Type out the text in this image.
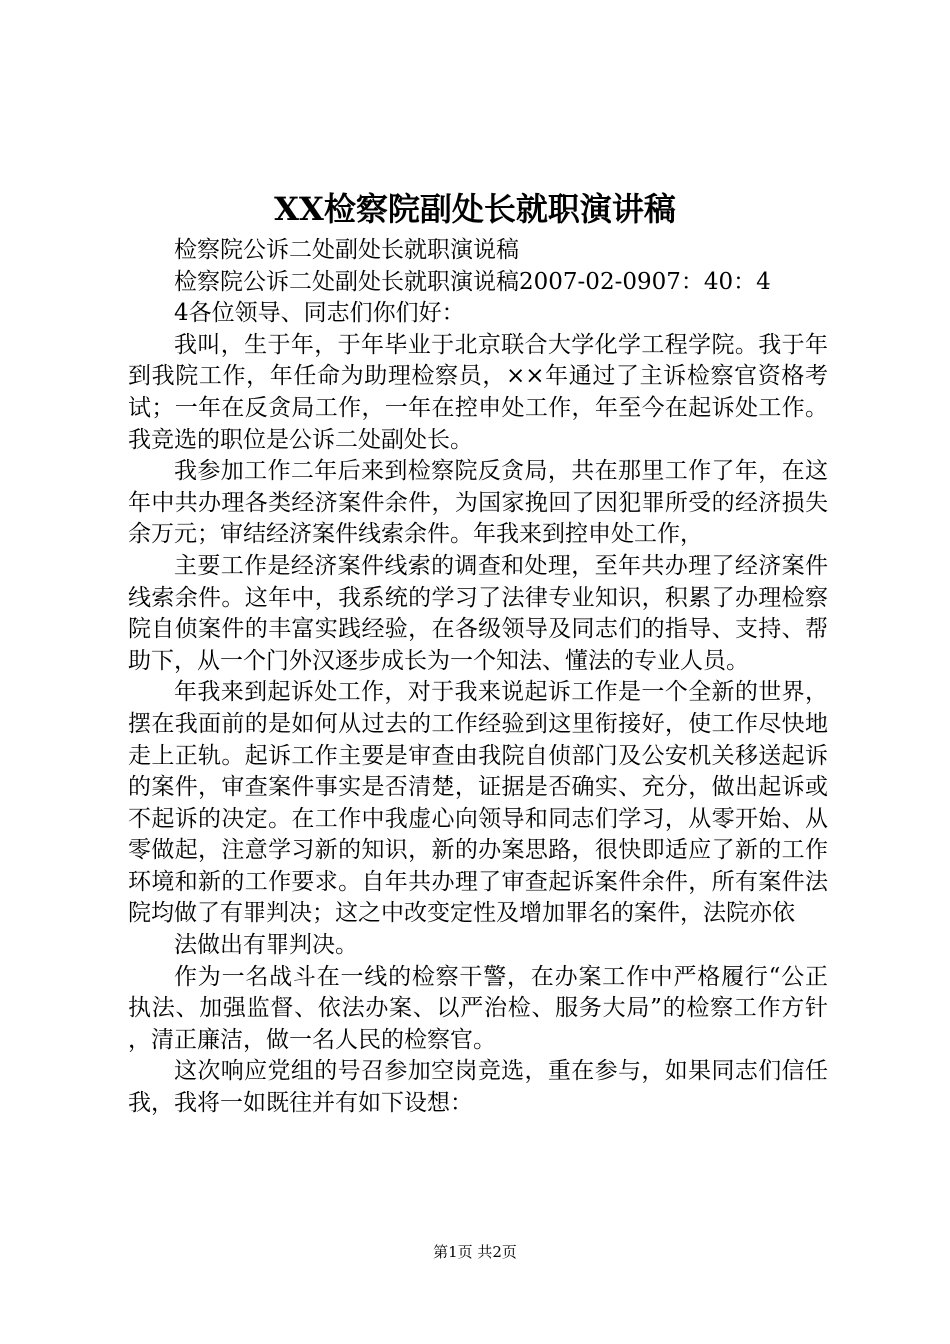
XX检察院副处长就职演讲稿

检察院公诉二处副处长就职演说稿

检察院公诉二处副处长就职演说稿2007-02-0907：40：4

4各位领导、同志们你们好：

我叫，生于年，于年毕业于北京联合大学化学工程学院。我于年到我院工作，年任命为助理检察员，××年通过了主诉检察官资格考试；一年在反贪局工作，一年在控申处工作，年至今在起诉处工作。我竞选的职位是公诉二处副处长。

我参加工作二年后来到检察院反贪局，共在那里工作了年，在这年中共办理各类经济案件余件，为国家挽回了因犯罪所受的经济损失余万元；审结经济案件线索余件。年我来到控申处工作，

主要工作是经济案件线索的调查和处理，至年共办理了经济案件线索余件。这年中，我系统的学习了法律专业知识，积累了办理检察院自侦案件的丰富实践经验，在各级领导及同志们的指导、支持、帮助下，从一个门外汉逐步成长为一个知法、懂法的专业人员。

年我来到起诉处工作，对于我来说起诉工作是一个全新的世界，摆在我面前的是如何从过去的工作经验到这里衔接好，使工作尽快地走上正轨。起诉工作主要是审查由我院自侦部门及公安机关移送起诉的案件，审查案件事实是否清楚，证据是否确实、充分，做出起诉或不起诉的决定。在工作中我虚心向领导和同志们学习，从零开始、从零做起，注意学习新的知识，新的办案思路，很快即适应了新的工作环境和新的工作要求。自年共办理了审查起诉案件余件，所有案件法院均做了有罪判决；这之中改变定性及增加罪名的案件，法院亦依

法做出有罪判决。

作为一名战斗在一线的检察干警，在办案工作中严格履行“公正执法、加强监督、依法办案、以严治检、服务大局”的检察工作方针，清正廉洁，做一名人民的检察官。

这次响应党组的号召参加空岗竞选，重在参与，如果同志们信任我，我将一如既往并有如下设想：

第1页 共2页
